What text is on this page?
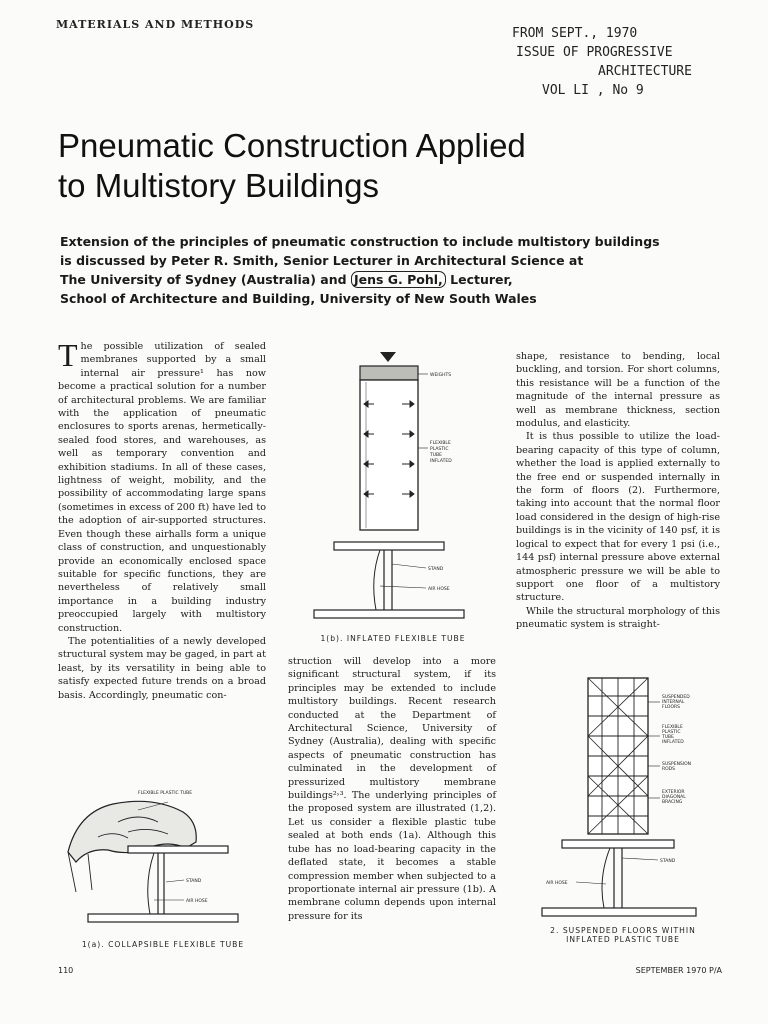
MATERIALS AND METHODS
FROM SEPT., 1970
ISSUE OF PROGRESSIVE
ARCHITECTURE
VOL LI , No 9
Pneumatic Construction Applied
to Multistory Buildings
Extension of the principles of pneumatic construction to include multistory buildings
is discussed by Peter R. Smith, Senior Lecturer in Architectural Science at
The University of Sydney (Australia) and Jens G. Pohl, Lecturer,
School of Architecture and Building, University of New South Wales

The possible utilization of sealed membranes supported by a small internal air pressure¹ has now become a practical solution for a number of architectural problems. We are familiar with the application of pneumatic enclosures to sports arenas, hermetically-sealed food stores, and warehouses, as well as temporary convention and exhibition stadiums. In all of these cases, lightness of weight, mobility, and the possibility of accommodating large spans (sometimes in excess of 200 ft) have led to the adoption of air-supported structures. Even though these airhalls form a unique class of construction, and unquestionably provide an economically enclosed space suitable for specific functions, they are nevertheless of relatively small importance in a building industry preoccupied largely with multistory construction.

The potentialities of a newly developed structural system may be gaged, in part at least, by its versatility in being able to satisfy expected future trends on a broad basis. Accordingly, pneumatic con-

FLEXIBLE PLASTIC TUBE
STAND
AIR HOSE
1(a). COLLAPSIBLE FLEXIBLE TUBE
WEIGHTS
FLEXIBLE
PLASTIC
TUBE
INFLATED
STAND
AIR HOSE
1(b). INFLATED FLEXIBLE TUBE

struction will develop into a more significant structural system, if its principles may be extended to include multistory buildings. Recent research conducted at the Department of Architectural Science, University of Sydney (Australia), dealing with specific aspects of pneumatic construction has culminated in the development of pressurized multistory membrane buildings²˒³. The underlying principles of the proposed system are illustrated (1,2). Let us consider a flexible plastic tube sealed at both ends (1a). Although this tube has no load-bearing capacity in the deflated state, it becomes a stable compression member when subjected to a proportionate internal air pressure (1b). A membrane column depends upon internal pressure for its

shape, resistance to bending, local buckling, and torsion. For short columns, this resistance will be a function of the magnitude of the internal pressure as well as membrane thickness, section modulus, and elasticity.

It is thus possible to utilize the load-bearing capacity of this type of column, whether the load is applied externally to the free end or suspended internally in the form of floors (2). Furthermore, taking into account that the normal floor load considered in the design of high-rise buildings is in the vicinity of 140 psf, it is logical to expect that for every 1 psi (i.e., 144 psf) internal pressure above external atmospheric pressure we will be able to support one floor of a multistory structure.

While the structural morphology of this pneumatic system is straight-

SUSPENDED
INTERNAL
FLOORS
FLEXIBLE
PLASTIC
TUBE
INFLATED
SUSPENSION
RODS
EXTERIOR
DIAGONAL
BRACING
STAND
AIR HOSE
2. SUSPENDED FLOORS WITHIN
INFLATED PLASTIC TUBE
110	SEPTEMBER 1970 P/A
